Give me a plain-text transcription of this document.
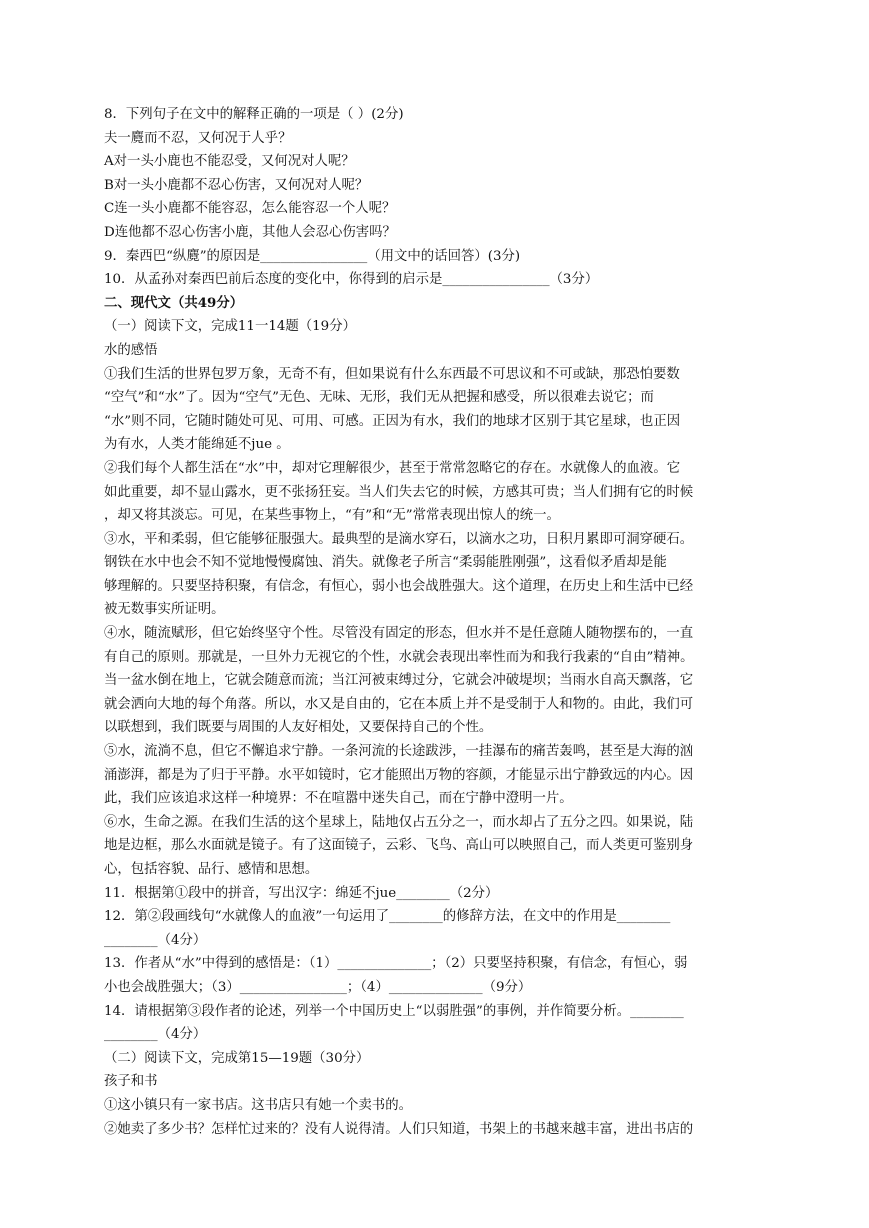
8．下列句子在文中的解释正确的一项是（ ）(2分)
夫一麑而不忍，又何况于人乎？
A对一头小鹿也不能忍受，又何况对人呢？
B对一头小鹿都不忍心伤害，又何况对人呢？
C连一头小鹿都不能容忍，怎么能容忍一个人呢？
D连他都不忍心伤害小鹿，其他人会忍心伤害吗？
9．秦西巴“纵麑”的原因是________________（用文中的话回答）(3分)
10．从孟孙对秦西巴前后态度的变化中，你得到的启示是________________（3分）
二、现代文（共49分）
（一）阅读下文，完成11一14题（19分）
水的感悟
①我们生活的世界包罗万象，无奇不有，但如果说有什么东西最不可思议和不可或缺，那恐怕要数
“空气”和“水”了。因为“空气”无色、无味、无形，我们无从把握和感受，所以很难去说它；而
“水”则不同，它随时随处可见、可用、可感。正因为有水，我们的地球才区别于其它星球，也正因
为有水，人类才能绵延不jue 。
②我们每个人都生活在“水”中，却对它理解很少，甚至于常常忽略它的存在。水就像人的血液。它
如此重要，却不显山露水，更不张扬狂妄。当人们失去它的时候，方感其可贵；当人们拥有它的时候
，却又将其淡忘。可见，在某些事物上，“有”和“无”常常表现出惊人的统一。
③水，平和柔弱，但它能够征服强大。最典型的是滴水穿石，以滴水之功，日积月累即可洞穿硬石。
钢铁在水中也会不知不觉地慢慢腐蚀、消失。就像老子所言“柔弱能胜刚强”，这看似矛盾却是能
够理解的。只要坚持积聚，有信念，有恒心，弱小也会战胜强大。这个道理，在历史上和生活中已经
被无数事实所证明。
④水，随流赋形，但它始终坚守个性。尽管没有固定的形态，但水并不是任意随人随物摆布的，一直
有自己的原则。那就是，一旦外力无视它的个性，水就会表现出率性而为和我行我素的“自由”精神。
当一盆水倒在地上，它就会随意而流；当江河被束缚过分，它就会冲破堤坝；当雨水自高天飘落，它
就会洒向大地的每个角落。所以，水又是自由的，它在本质上并不是受制于人和物的。由此，我们可
以联想到，我们既要与周围的人友好相处，又要保持自己的个性。
⑤水，流淌不息，但它不懈追求宁静。一条河流的长途跋涉，一挂瀑布的痛苦轰鸣，甚至是大海的汹
涌澎湃，都是为了归于平静。水平如镜时，它才能照出万物的容颜，才能显示出宁静致远的内心。因
此，我们应该追求这样一种境界：不在喧嚣中迷失自己，而在宁静中澄明一片。
⑥水，生命之源。在我们生活的这个星球上，陆地仅占五分之一，而水却占了五分之四。如果说，陆
地是边框，那么水面就是镜子。有了这面镜子，云彩、飞鸟、高山可以映照自己，而人类更可鉴别身
心，包括容貌、品行、感情和思想。
11．根据第①段中的拼音，写出汉字：绵延不jue________（2分）
12．第②段画线句“水就像人的血液”一句运用了________的修辞方法，在文中的作用是________
________（4分）
13．作者从“水”中得到的感悟是：（1）______________；（2）只要坚持积聚，有信念，有恒心，弱
小也会战胜强大；（3）________________；（4）______________（9分）
14．请根据第③段作者的论述，列举一个中国历史上“以弱胜强”的事例，并作简要分析。________
________（4分）
（二）阅读下文，完成第15—19题（30分）
孩子和书
①这小镇只有一家书店。这书店只有她一个卖书的。
②她卖了多少书？怎样忙过来的？没有人说得清。人们只知道，书架上的书越来越丰富，进出书店的
